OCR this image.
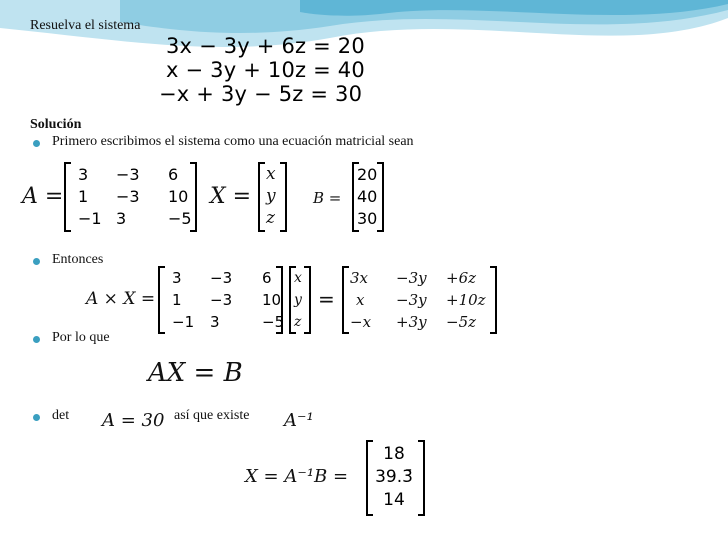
Resuelva el sistema
3x − 3y + 6z = 20
x − 3y + 10z = 40
−x + 3y − 5z = 30
Solución
Primero escribimos el sistema como una ecuación matricial sean
A =
3	−3	6
1	−3	10
−1	3	−5
X =
x
y
z
B =
20
40
30
Entonces
A × X =
3	−3	6
1	−3	10
−1	3	−5
x
y
z
=
3x	−3y	+6z
x	−3y	+10z
−x	+3y	−5z
Por lo que
AX = B
det A = 30 así que existe A⁻¹
X = A⁻¹B =
18
39.3̄
14
